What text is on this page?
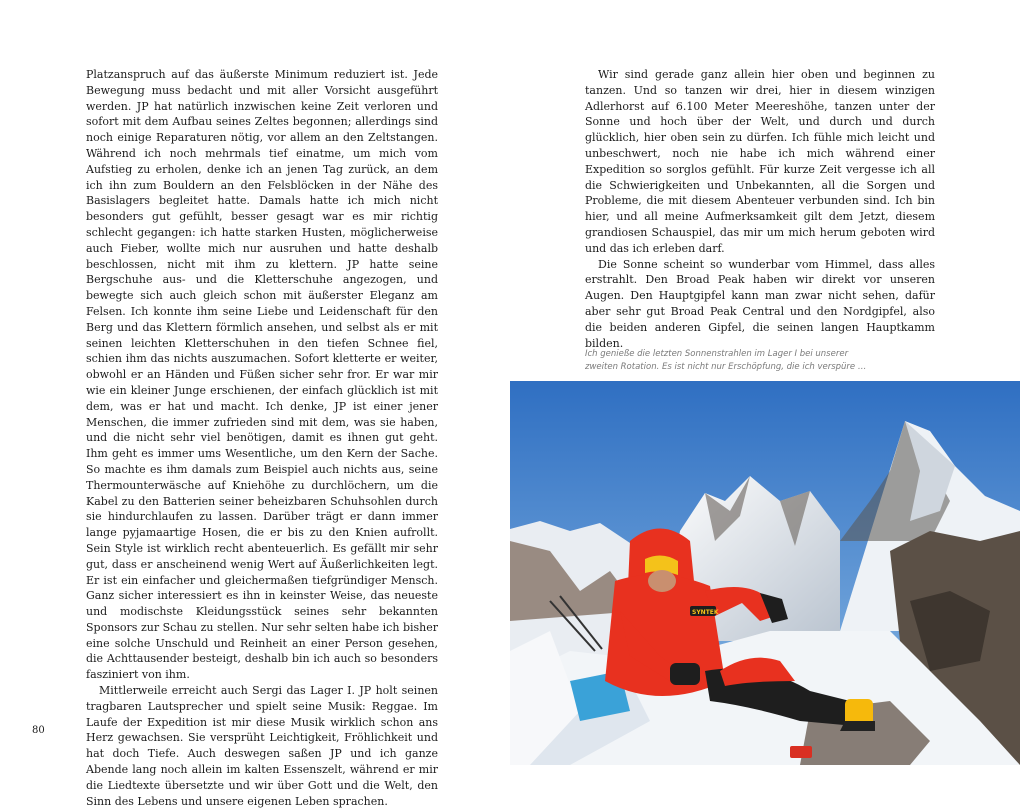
Platzanspruch auf das äußerste Minimum reduziert ist. Jede Bewegung muss bedacht und mit aller Vorsicht ausgeführt werden. JP hat natürlich inzwischen keine Zeit verloren und sofort mit dem Aufbau seines Zeltes begonnen; allerdings sind noch einige Reparaturen nötig, vor allem an den Zeltstangen. Während ich noch mehrmals tief einatme, um mich vom Aufstieg zu erholen, denke ich an jenen Tag zurück, an dem ich ihn zum Bouldern an den Felsblöcken in der Nähe des Basislagers begleitet hatte. Damals hatte ich mich nicht besonders gut gefühlt, besser gesagt war es mir richtig schlecht gegangen: ich hatte starken Husten, möglicherweise auch Fieber, wollte mich nur ausruhen und hatte deshalb beschlossen, nicht mit ihm zu klettern. JP hatte seine Bergschuhe aus- und die Kletterschuhe angezogen, und bewegte sich auch gleich schon mit äußerster Eleganz am Felsen. Ich konnte ihm seine Liebe und Leidenschaft für den Berg und das Klettern förmlich ansehen, und selbst als er mit seinen leichten Kletterschuhen in den tiefen Schnee fiel, schien ihm das nichts auszumachen. Sofort kletterte er weiter, obwohl er an Händen und Füßen sicher sehr fror. Er war mir wie ein kleiner Junge erschienen, der einfach glücklich ist mit dem, was er hat und macht. Ich denke, JP ist einer jener Menschen, die immer zufrieden sind mit dem, was sie haben, und die nicht sehr viel benötigen, damit es ihnen gut geht. Ihm geht es immer ums Wesentliche, um den Kern der Sache. So machte es ihm damals zum Beispiel auch nichts aus, seine Thermounterwäsche auf Kniehöhe zu durchlöchern, um die Kabel zu den Batterien seiner beheizbaren Schuhsohlen durch sie hindurchlaufen zu lassen. Darüber trägt er dann immer lange pyjamaartige Hosen, die er bis zu den Knien aufrollt. Sein Style ist wirklich recht abenteuerlich. Es gefällt mir sehr gut, dass er anscheinend wenig Wert auf Äußerlichkeiten legt. Er ist ein einfacher und gleichermaßen tiefgründiger Mensch. Ganz sicher interessiert es ihn in keinster Weise, das neueste und modischste Kleidungsstück seines sehr bekannten Sponsors zur Schau zu stellen. Nur sehr selten habe ich bisher eine solche Unschuld und Reinheit an einer Person gesehen, die Achttausender besteigt, deshalb bin ich auch so besonders fasziniert von ihm.

Mittlerweile erreicht auch Sergi das Lager I. JP holt seinen tragbaren Lautsprecher und spielt seine Musik: Reggae. Im Laufe der Expedition ist mir diese Musik wirklich schon ans Herz gewachsen. Sie versprüht Leichtigkeit, Fröhlichkeit und hat doch Tiefe. Auch deswegen saßen JP und ich ganze Abende lang noch allein im kalten Essenszelt, während er mir die Liedtexte übersetzte und wir über Gott und die Welt, den Sinn des Lebens und unsere eigenen Leben sprachen.

80

Wir sind gerade ganz allein hier oben und beginnen zu tanzen. Und so tanzen wir drei, hier in diesem winzigen Adlerhorst auf 6.100 Meter Meereshöhe, tanzen unter der Sonne und hoch über der Welt, und durch und durch glücklich, hier oben sein zu dürfen. Ich fühle mich leicht und unbeschwert, noch nie habe ich mich während einer Expedition so sorglos gefühlt. Für kurze Zeit vergesse ich all die Schwierigkeiten und Unbekannten, all die Sorgen und Probleme, die mit diesem Abenteuer verbunden sind. Ich bin hier, und all meine Aufmerksamkeit gilt dem Jetzt, diesem grandiosen Schauspiel, das mir um mich herum geboten wird und das ich erleben darf.

Die Sonne scheint so wunderbar vom Himmel, dass alles erstrahlt. Den Broad Peak haben wir direkt vor unseren Augen. Den Hauptgipfel kann man zwar nicht sehen, dafür aber sehr gut Broad Peak Central und den Nordgipfel, also die beiden anderen Gipfel, die seinen langen Hauptkamm bilden.

Ich genieße die letzten Sonnenstrahlen im Lager I bei unserer
zweiten Rotation. Es ist nicht nur Erschöpfung, die ich verspüre …
SYNTEK
